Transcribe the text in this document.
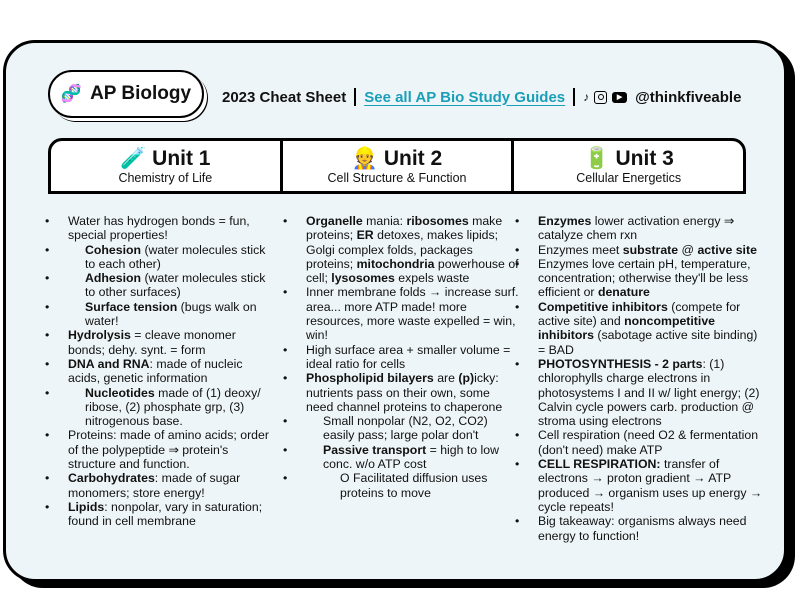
🧬 AP Biology 2023 Cheat Sheet See all AP Bio Study Guides ♪	▶ @thinkfiveable
🧪 Unit 1
Chemistry of Life
👷 Unit 2
Cell Structure & Function
🔋 Unit 3
Cellular Energetics
• Water has hydrogen bonds = fun, special properties!
• Cohesion (water molecules stick to each other)
• Adhesion (water molecules stick to other surfaces)
• Surface tension (bugs walk on water!
• Hydrolysis = cleave monomer bonds; dehy. synt. = form
• DNA and RNA: made of nucleic acids, genetic information
• Nucleotides made of (1) deoxy/ ribose, (2) phosphate grp, (3) nitrogenous base.
• Proteins: made of amino acids; order of the polypeptide ⇒ protein's structure and function.
• Carbohydrates: made of sugar monomers; store energy!
• Lipids: nonpolar, vary in saturation; found in cell membrane
• Organelle mania: ribosomes make proteins; ER detoxes, makes lipids; Golgi complex folds, packages proteins; mitochondria powerhouse of cell; lysosomes expels waste
• Inner membrane folds → increase surf. area... more ATP made! more resources, more waste expelled = win, win!
• High surface area + smaller volume = ideal ratio for cells
• Phospholipid bilayers are (p)icky: nutrients pass on their own, some need channel proteins to chaperone
• Small nonpolar (N2, O2, CO2) easily pass; large polar don't
• Passive transport = high to low conc. w/o ATP cost
• O Facilitated diffusion uses proteins to move
• Enzymes lower activation energy ⇒ catalyze chem rxn
• Enzymes meet substrate @ active site
• Enzymes love certain pH, temperature, concentration; otherwise they'll be less efficient or denature
• Competitive inhibitors (compete for active site) and noncompetitive inhibitors (sabotage active site binding) = BAD
• PHOTOSYNTHESIS - 2 parts: (1) chlorophylls charge electrons in photosystems I and II w/ light energy; (2) Calvin cycle powers carb. production @ stroma using electrons
• Cell respiration (need O2 & fermentation (don't need) make ATP
• CELL RESPIRATION: transfer of electrons → proton gradient → ATP produced → organism uses up energy → cycle repeats!
• Big takeaway: organisms always need energy to function!
